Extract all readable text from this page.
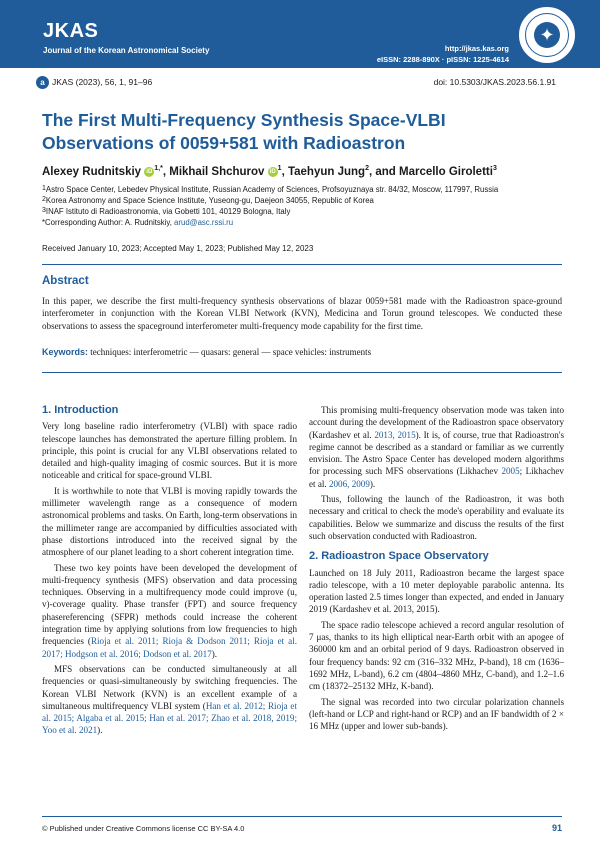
JKAS
Journal of the Korean Astronomical Society	http://jkas.kas.org
eISSN: 2288-890X · pISSN: 1225-4614
✦
a JKAS (2023), 56, 1, 91–96	doi: 10.5303/JKAS.2023.56.1.91
The First Multi-Frequency Synthesis Space-VLBI Observations of 0059+581 with Radioastron
Alexey Rudnitskiy iD $^{1,*}$, Mikhail Shchurov iD $^1$, Taehyun Jung$^2$, and Marcello Giroletti$^3$
$^1$Astro Space Center, Lebedev Physical Institute, Russian Academy of Sciences, Profsoyuznaya str. 84/32, Moscow, 117997, Russia
$^2$Korea Astronomy and Space Science Institute, Yuseong-gu, Daejeon 34055, Republic of Korea
$^3$INAF Istituto di Radioastronomia, via Gobetti 101, 40129 Bologna, Italy
*Corresponding Author: A. Rudnitskiy, arud@asc.rssi.ru
Received January 10, 2023; Accepted May 1, 2023; Published May 12, 2023
Abstract

In this paper, we describe the first multi-frequency synthesis observations of blazar 0059+581 made with the Radioastron space-ground interferometer in conjunction with the Korean VLBI Network (KVN), Medicina and Torun ground telescopes. We conducted these observations to assess the spaceground interferometer multi-frequency mode capability for the first time.

Keywords: techniques: interferometric — quasars: general — space vehicles: instruments
1. Introduction

Very long baseline radio interferometry (VLBI) with space radio telescope launches has demonstrated the aperture filling problem. In principle, this point is crucial for any VLBI observations related to detailed and high-quality imaging of cosmic sources. But it is more noticeable and critical for space-ground VLBI.

It is worthwhile to note that VLBI is moving rapidly towards the millimeter wavelength range as a consequence of modern astronomical problems and tasks. On Earth, long-term observations in the millimeter range are accompanied by difficulties associated with phase distortions introduced into the received signal by the atmosphere of our planet leading to a short coherent integration time.

These two key points have been developed the development of multi-frequency synthesis (MFS) observation and data processing techniques. Observing in a multifrequency mode could improve (u, v)-coverage quality. Phase transfer (FPT) and source frequency phasereferencing (SFPR) methods could increase the coherent integration time by applying solutions from low frequencies to high frequencies (Rioja et al. 2011; Rioja & Dodson 2011; Rioja et al. 2017; Hodgson et al. 2016; Dodson et al. 2017).

MFS observations can be conducted simultaneously at all frequencies or quasi-simultaneously by switching frequencies. The Korean VLBI Network (KVN) is an excellent example of a simultaneous multifrequency VLBI system (Han et al. 2012; Rioja et al. 2015; Algaba et al. 2015; Han et al. 2017; Zhao et al. 2018, 2019; Yoo et al. 2021).

This promising multi-frequency observation mode was taken into account during the development of the Radioastron space observatory (Kardashev et al. 2013, 2015). It is, of course, true that Radioastron's regime cannot be described as a standard or familiar as we currently envision. The Astro Space Center has developed modern algorithms for processing such MFS observations (Likhachev 2005; Likhachev et al. 2006, 2009).

Thus, following the launch of the Radioastron, it was both necessary and critical to check the mode's operability and evaluate its capabilities. Below we summarize and discuss the results of the first such observation conducted with Radioastron.

2. Radioastron Space Observatory

Launched on 18 July 2011, Radioastron became the largest space radio telescope, with a 10 meter deployable parabolic antenna. Its operation lasted 2.5 times longer than expected, and ended in January 2019 (Kardashev et al. 2013, 2015).

The space radio telescope achieved a record angular resolution of 7 μas, thanks to its high elliptical near-Earth orbit with an apogee of 360000 km and an orbital period of 9 days. Radioastron observed in four frequency bands: 92 cm (316–332 MHz, P-band), 18 cm (1636–1692 MHz, L-band), 6.2 cm (4804–4860 MHz, C-band), and 1.2–1.6 cm (18372–25132 MHz, K-band).

The signal was recorded into two circular polarization channels (left-hand or LCP and right-hand or RCP) and an IF bandwidth of 2 × 16 MHz (upper and lower sub-bands).

© Published under Creative Commons license CC BY-SA 4.0	91
